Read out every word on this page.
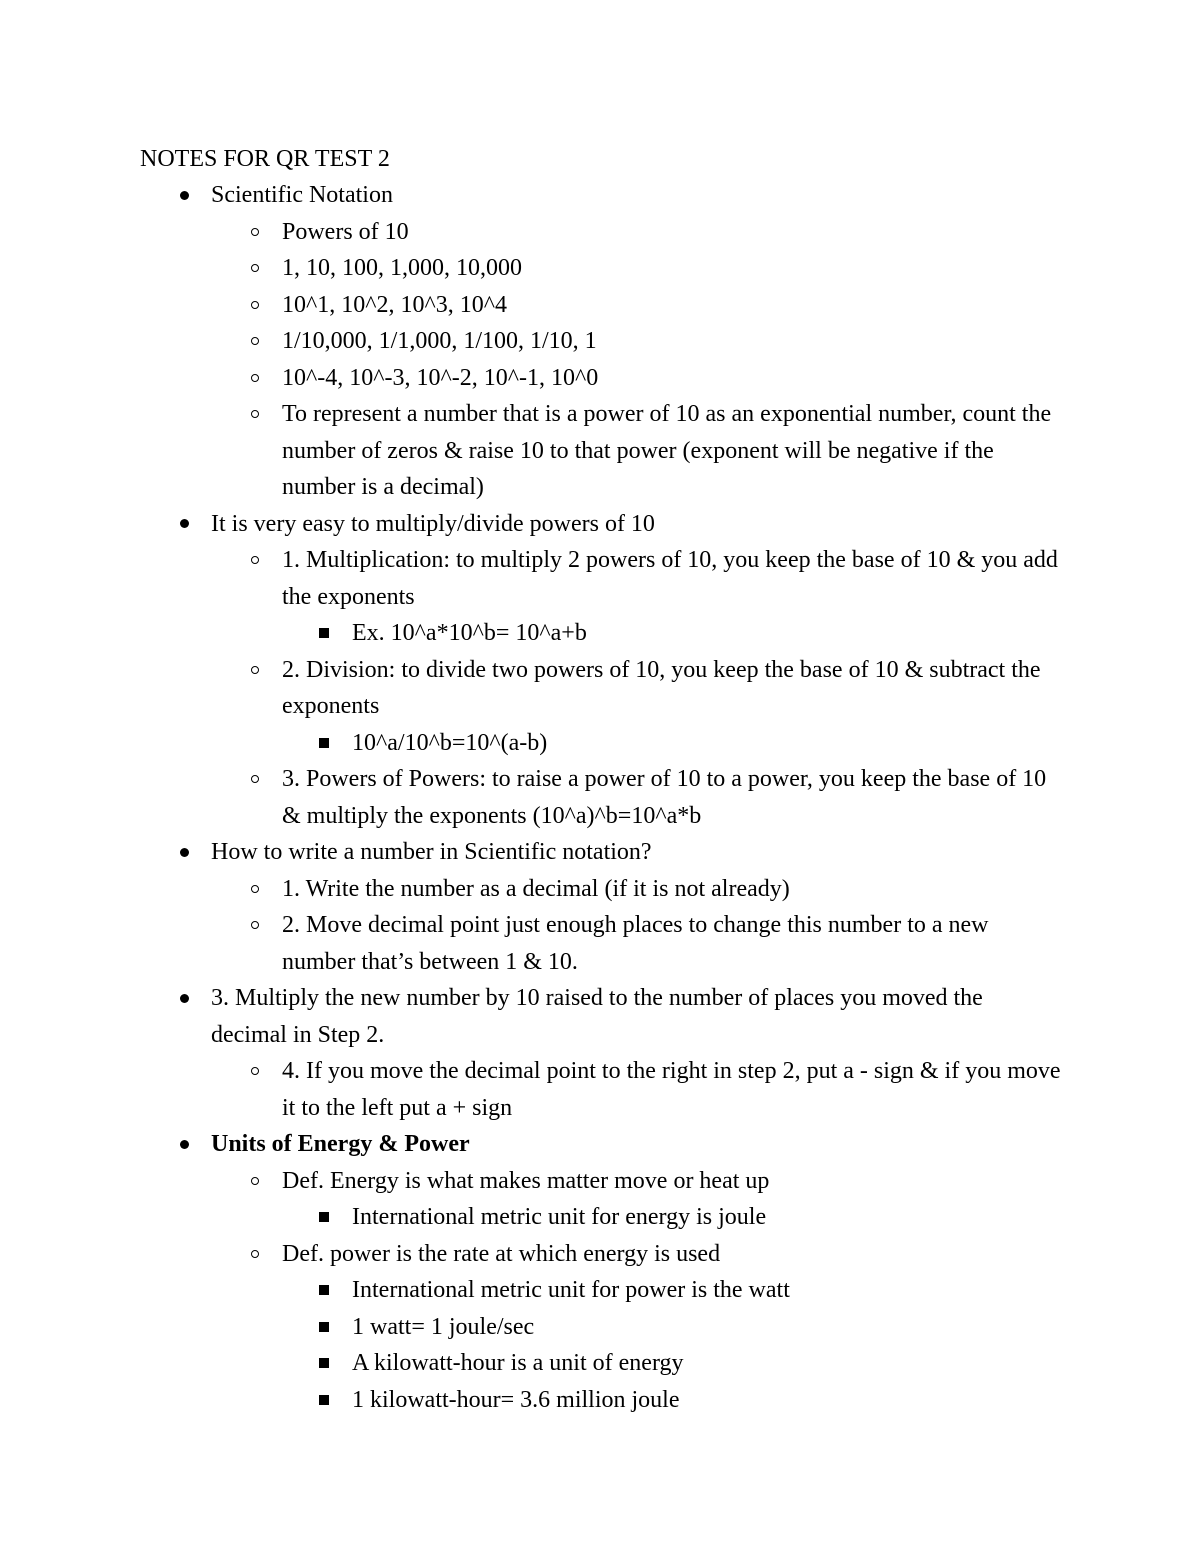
NOTES FOR QR TEST 2
Scientific Notation
Powers of 10
1, 10, 100, 1,000, 10,000
10^1, 10^2, 10^3, 10^4
1/10,000, 1/1,000, 1/100, 1/10, 1
10^-4, 10^-3, 10^-2, 10^-1, 10^0
To represent a number that is a power of 10 as an exponential number, count the number of zeros & raise 10 to that power (exponent will be negative if the number is a decimal)
It is very easy to multiply/divide powers of 10
1. Multiplication: to multiply 2 powers of 10, you keep the base of 10 & you add the exponents
Ex. 10^a*10^b= 10^a+b
2. Division: to divide two powers of 10, you keep the base of 10 & subtract the exponents
10^a/10^b=10^(a-b)
3. Powers of Powers: to raise a power of 10 to a power, you keep the base of 10 & multiply the exponents (10^a)^b=10^a*b
How to write a number in Scientific notation?
1. Write the number as a decimal (if it is not already)
2. Move decimal point just enough places to change this number to a new number that’s between 1 & 10.
3. Multiply the new number by 10 raised to the number of places you moved the decimal in Step 2.
4. If you move the decimal point to the right in step 2, put a - sign & if you move it to the left put a + sign
Units of Energy & Power
Def. Energy is what makes matter move or heat up
International metric unit for energy is joule
Def. power is the rate at which energy is used
International metric unit for power is the watt
1 watt= 1 joule/sec
A kilowatt-hour is a unit of energy
1 kilowatt-hour= 3.6 million joule
